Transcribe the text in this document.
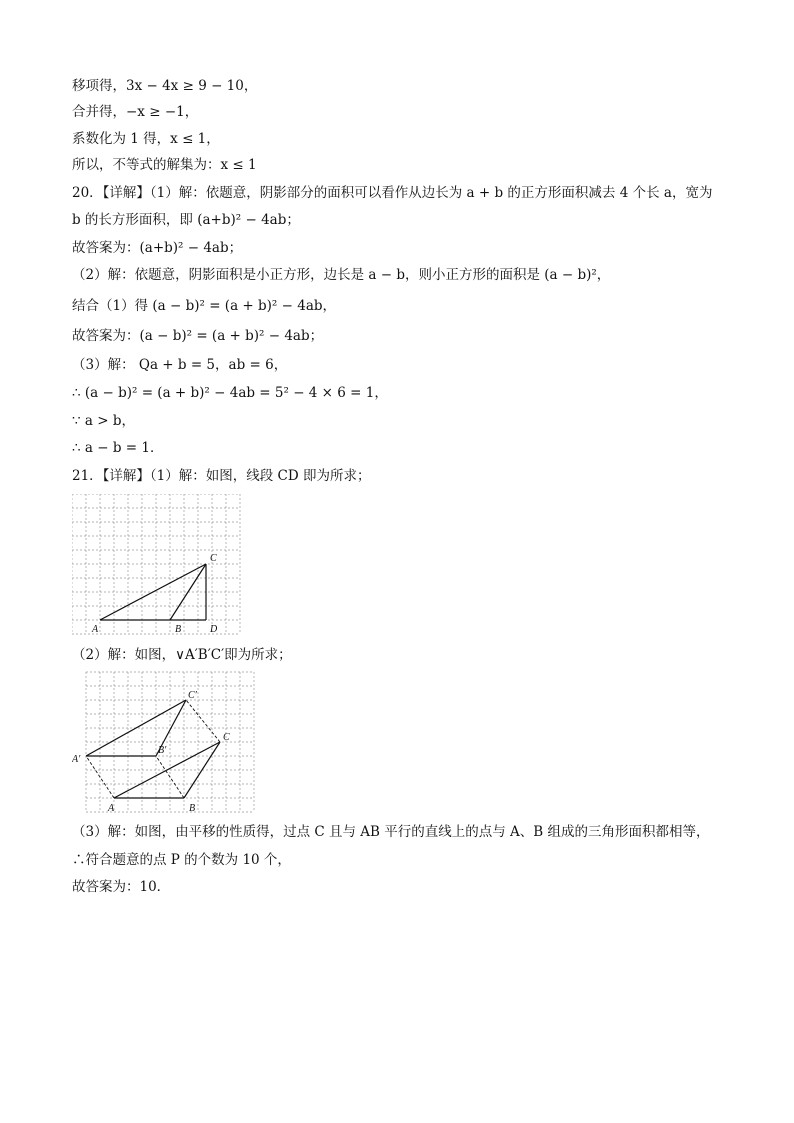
移项得，3x − 4x ≥ 9 − 10，
合并得，−x ≥ −1，
系数化为 1 得，x ≤ 1，
所以，不等式的解集为：x ≤ 1
20．【详解】（1）解：依题意，阴影部分的面积可以看作从边长为 a + b 的正方形面积减去 4 个长 a，宽为
b 的长方形面积，即 (a+b)² − 4ab；
故答案为：(a+b)² − 4ab；
（2）解：依题意，阴影面积是小正方形，边长是 a − b，则小正方形的面积是 (a − b)²，
结合（1）得 (a − b)² = (a + b)² − 4ab，
故答案为：(a − b)² = (a + b)² − 4ab；
（3）解： Qa + b = 5，ab = 6，
∴ (a − b)² = (a + b)² − 4ab = 5² − 4 × 6 = 1，
∵ a > b，
∴ a − b = 1．
21．【详解】（1）解：如图，线段 CD 即为所求；
A	B
C
D
（2）解：如图，∨A′B′C′即为所求；
A′
B′
C′
A	B
C
（3）解：如图，由平移的性质得，过点 C 且与 AB 平行的直线上的点与 A、B 组成的三角形面积都相等，
∴符合题意的点 P 的个数为 10 个，
故答案为：10．
